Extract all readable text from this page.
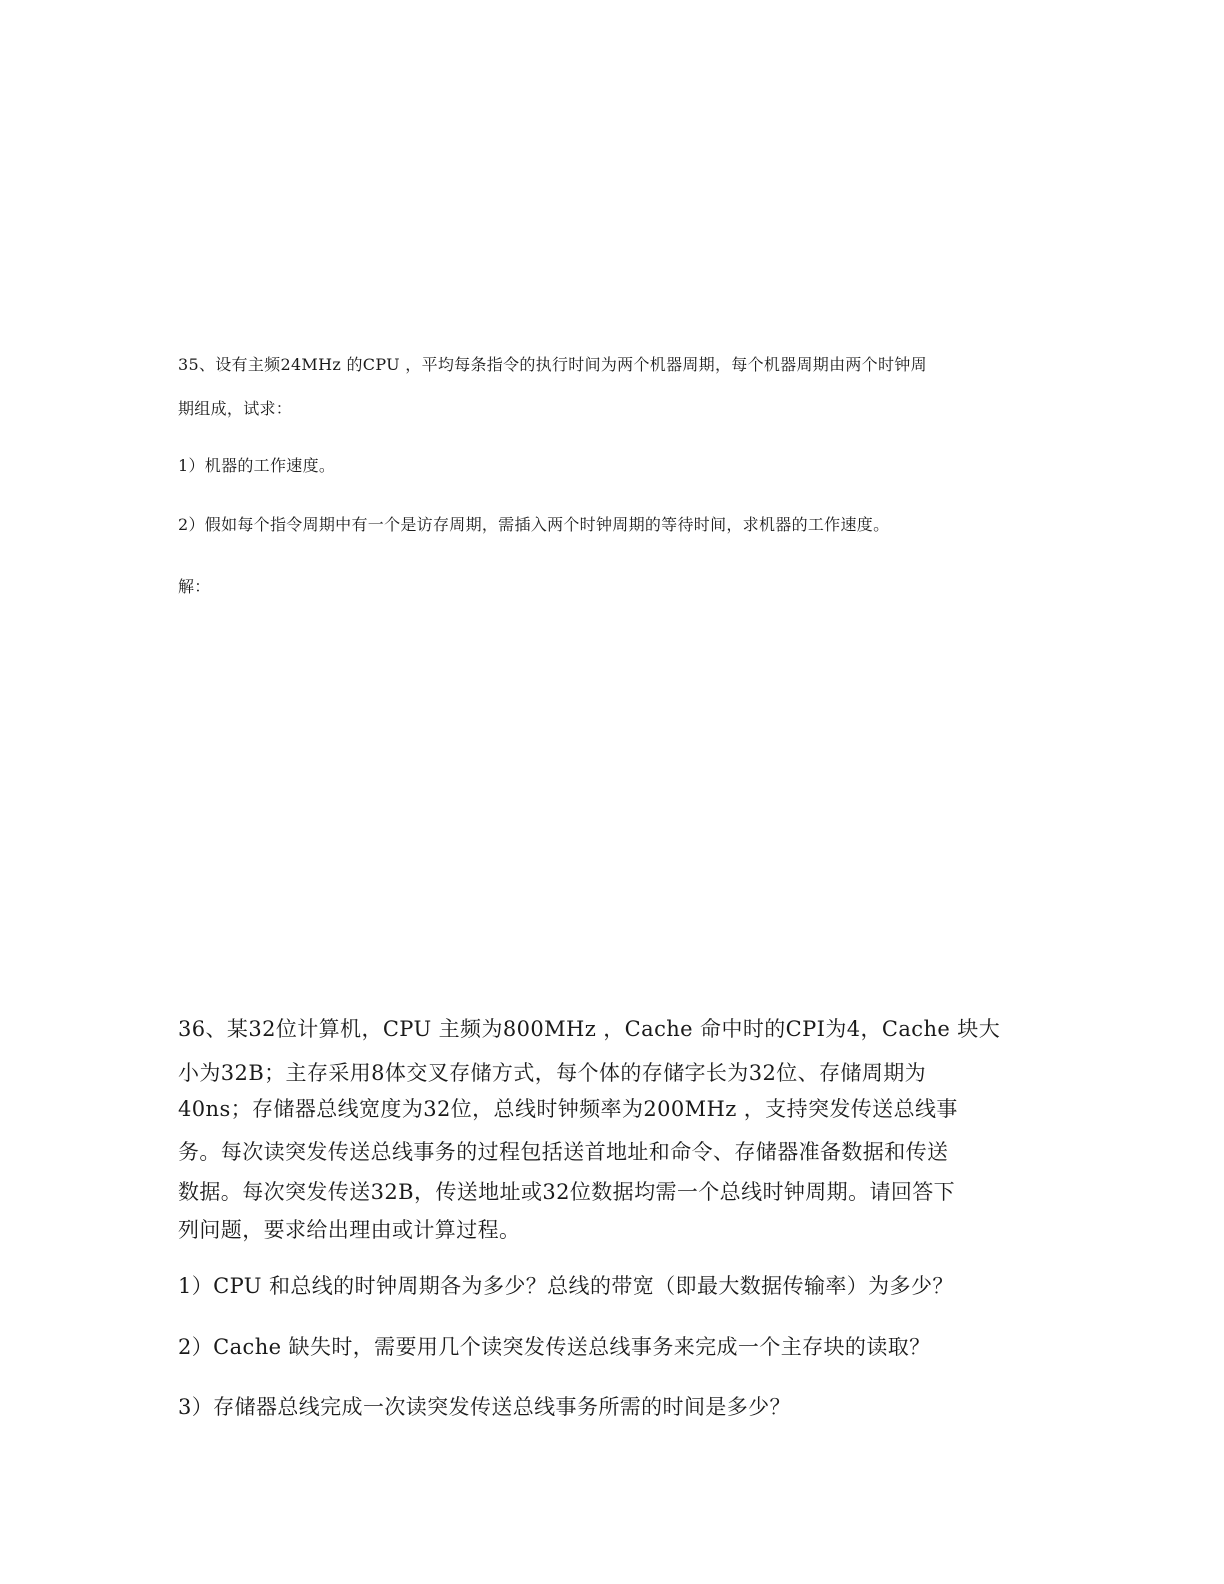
35、设有主频24MHz 的CPU ，平均每条指令的执行时间为两个机器周期，每个机器周期由两个时钟周
期组成，试求：
1）机器的工作速度。
2）假如每个指令周期中有一个是访存周期，需插入两个时钟周期的等待时间，求机器的工作速度。
解：
36、某32位计算机，CPU 主频为800MHz ，Cache 命中时的CPI为4，Cache 块大
小为32B；主存采用8体交叉存储方式，每个体的存储字长为32位、存储周期为
40ns；存储器总线宽度为32位，总线时钟频率为200MHz ，支持突发传送总线事
务。每次读突发传送总线事务的过程包括送首地址和命令、存储器准备数据和传送
数据。每次突发传送32B，传送地址或32位数据均需一个总线时钟周期。请回答下
列问题，要求给出理由或计算过程。
1）CPU 和总线的时钟周期各为多少？总线的带宽（即最大数据传输率）为多少？
2）Cache 缺失时，需要用几个读突发传送总线事务来完成一个主存块的读取？
3）存储器总线完成一次读突发传送总线事务所需的时间是多少？
